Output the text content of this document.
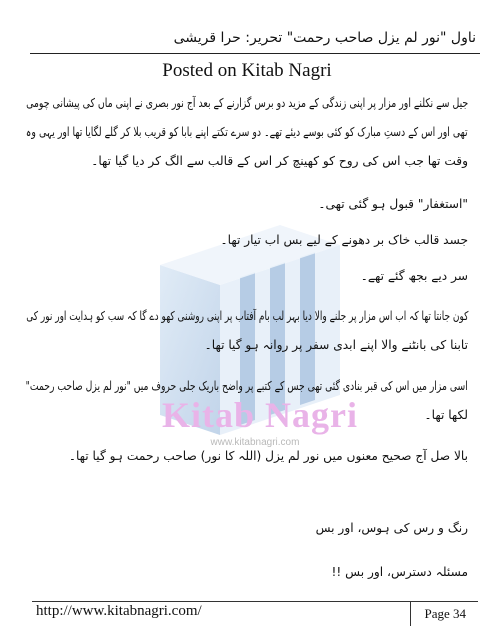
ناول "نور لم یزل صاحب رحمت" تحریر: حرا قریشی
Posted on Kitab Nagri
Kitab Nagri
www.kitabnagri.com
جیل سے نکلنے اور مزار پر اپنی زندگی کے مزید دو برس گزارنے کے بعد آج نور بصری نے اپنی ماں کی پیشانی چومی
تھی اور اس کے دستِ مبارک کو کئی بوسے دیئے تھے۔ دو سرے تکتے اپنے بابا کو قریب بلا کر گلے لگایا تھا اور یہی وہ
وقت تھا جب اس کی روح کو کھینچ کر اس کے قالب سے الگ کر دیا گیا تھا۔
"استغفار" قبول ہو گئی تھی۔
جسد قالب خاک بر دھونے کے لیے بس اب تیار تھا۔
سر دیے بجھ گئے تھے۔
کون جانتا تھا کہ اب اس مزار پر جلنے والا دیا بہر لب بام آفتاب پر اپنی روشنی کھو دے گا کہ سب کو ہدایت اور نور کی
تابنا کی بانٹنے والا اپنے ابدی سفر پر روانہ ہو گیا تھا۔
اسی مزار میں اس کی قبر بنادی گئی تھی جس کے کتبے پر واضح باریک جلی حروف میں "نور لم یزل صاحب رحمت"
لکھا تھا۔
بالا صل آج صحیح معنوں میں نور لم یزل (اللہ کا نور) صاحب رحمت ہو گیا تھا۔
رنگ و رس کی ہوس، اور بس
مسئلہ دسترس، اور بس !!
http://www.kitabnagri.com/	Page 34
